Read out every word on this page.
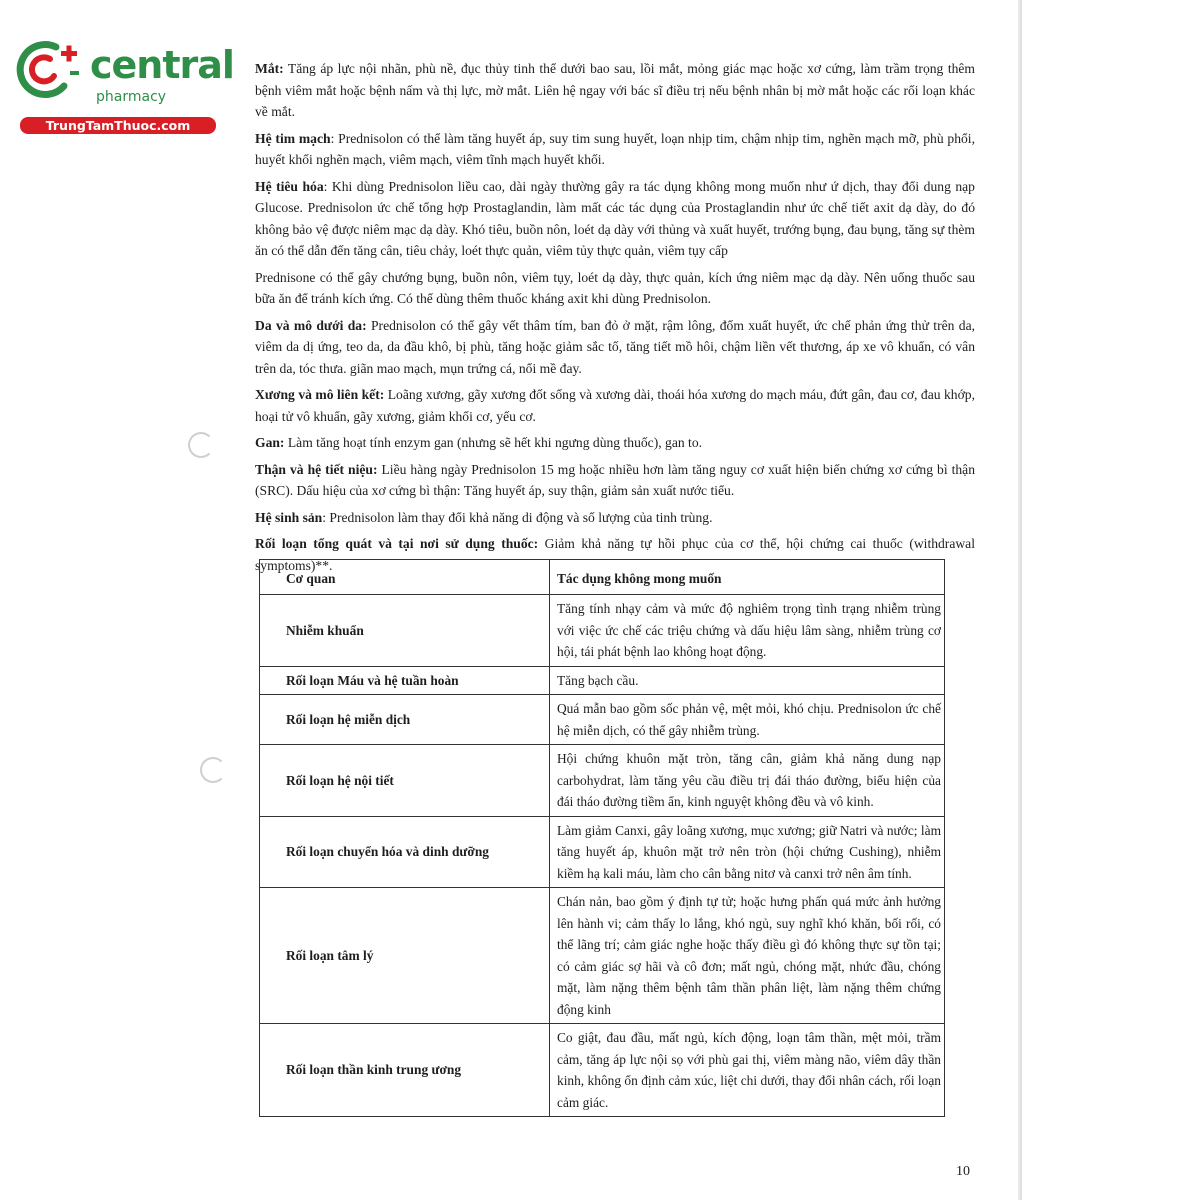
central
pharmacy
TrungTamThuoc.com

Mắt: Tăng áp lực nội nhãn, phù nề, đục thủy tinh thể dưới bao sau, lồi mắt, mỏng giác mạc hoặc xơ cứng, làm trầm trọng thêm bệnh viêm mắt hoặc bệnh nấm và thị lực, mờ mắt. Liên hệ ngay với bác sĩ điều trị nếu bệnh nhân bị mờ mắt hoặc các rối loạn khác về mắt.

Hệ tim mạch: Prednisolon có thể làm tăng huyết áp, suy tim sung huyết, loạn nhịp tim, chậm nhịp tim, nghẽn mạch mỡ, phù phổi, huyết khối nghẽn mạch, viêm mạch, viêm tĩnh mạch huyết khối.

Hệ tiêu hóa: Khi dùng Prednisolon liều cao, dài ngày thường gây ra tác dụng không mong muốn như ứ dịch, thay đổi dung nạp Glucose. Prednisolon ức chế tổng hợp Prostaglandin, làm mất các tác dụng của Prostaglandin như ức chế tiết axit dạ dày, do đó không bảo vệ được niêm mạc dạ dày. Khó tiêu, buồn nôn, loét dạ dày với thủng và xuất huyết, trướng bụng, đau bụng, tăng sự thèm ăn có thể dẫn đến tăng cân, tiêu chảy, loét thực quản, viêm tủy thực quản, viêm tụy cấp

Prednisone có thể gây chướng bụng, buồn nôn, viêm tụy, loét dạ dày, thực quản, kích ứng niêm mạc dạ dày. Nên uống thuốc sau bữa ăn để tránh kích ứng. Có thể dùng thêm thuốc kháng axit khi dùng Prednisolon.

Da và mô dưới da: Prednisolon có thể gây vết thâm tím, ban đỏ ở mặt, rậm lông, đốm xuất huyết, ức chế phản ứng thử trên da, viêm da dị ứng, teo da, da đầu khô, bị phù, tăng hoặc giảm sắc tố, tăng tiết mồ hôi, chậm liền vết thương, áp xe vô khuẩn, có vân trên da, tóc thưa. giãn mao mạch, mụn trứng cá, nổi mề đay.

Xương và mô liên kết: Loãng xương, gãy xương đốt sống và xương dài, thoái hóa xương do mạch máu, đứt gân, đau cơ, đau khớp, hoại tử vô khuẩn, gãy xương, giảm khối cơ, yếu cơ.

Gan: Làm tăng hoạt tính enzym gan (nhưng sẽ hết khi ngưng dùng thuốc), gan to.

Thận và hệ tiết niệu: Liều hàng ngày Prednisolon 15 mg hoặc nhiều hơn làm tăng nguy cơ xuất hiện biến chứng xơ cứng bì thận (SRC). Dấu hiệu của xơ cứng bì thận: Tăng huyết áp, suy thận, giảm sản xuất nước tiểu.

Hệ sinh sản: Prednisolon làm thay đổi khả năng di động và số lượng của tinh trùng.

Rối loạn tổng quát và tại nơi sử dụng thuốc: Giảm khả năng tự hồi phục của cơ thể, hội chứng cai thuốc (withdrawal symptoms)**.

Cơ quan	Tác dụng không mong muốn
Nhiễm khuẩn	Tăng tính nhạy cảm và mức độ nghiêm trọng tình trạng nhiễm trùng với việc ức chế các triệu chứng và dấu hiệu lâm sàng, nhiễm trùng cơ hội, tái phát bệnh lao không hoạt động.
Rối loạn Máu và hệ tuần hoàn	Tăng bạch cầu.
Rối loạn hệ miễn dịch	Quá mẫn bao gồm sốc phản vệ, mệt mỏi, khó chịu. Prednisolon ức chế hệ miễn dịch, có thể gây nhiễm trùng.
Rối loạn hệ nội tiết	Hội chứng khuôn mặt tròn, tăng cân, giảm khả năng dung nạp carbohydrat, làm tăng yêu cầu điều trị đái tháo đường, biểu hiện của đái tháo đường tiềm ẩn, kinh nguyệt không đều và vô kinh.
Rối loạn chuyển hóa và dinh dưỡng	Làm giảm Canxi, gây loãng xương, mục xương; giữ Natri và nước; làm tăng huyết áp, khuôn mặt trở nên tròn (hội chứng Cushing), nhiễm kiềm hạ kali máu, làm cho cân bằng nitơ và canxi trở nên âm tính.
Rối loạn tâm lý	Chán nản, bao gồm ý định tự tử; hoặc hưng phấn quá mức ảnh hưởng lên hành vi; cảm thấy lo lắng, khó ngủ, suy nghĩ khó khăn, bối rối, có thể lãng trí; cảm giác nghe hoặc thấy điều gì đó không thực sự tồn tại; có cảm giác sợ hãi và cô đơn; mất ngủ, chóng mặt, nhức đầu, chóng mặt, làm nặng thêm bệnh tâm thần phân liệt, làm nặng thêm chứng động kinh
Rối loạn thần kinh trung ương	Co giật, đau đầu, mất ngủ, kích động, loạn tâm thần, mệt mỏi, trầm cảm, tăng áp lực nội sọ với phù gai thị, viêm màng não, viêm dây thần kinh, không ổn định cảm xúc, liệt chi dưới, thay đổi nhân cách, rối loạn cảm giác.
10
